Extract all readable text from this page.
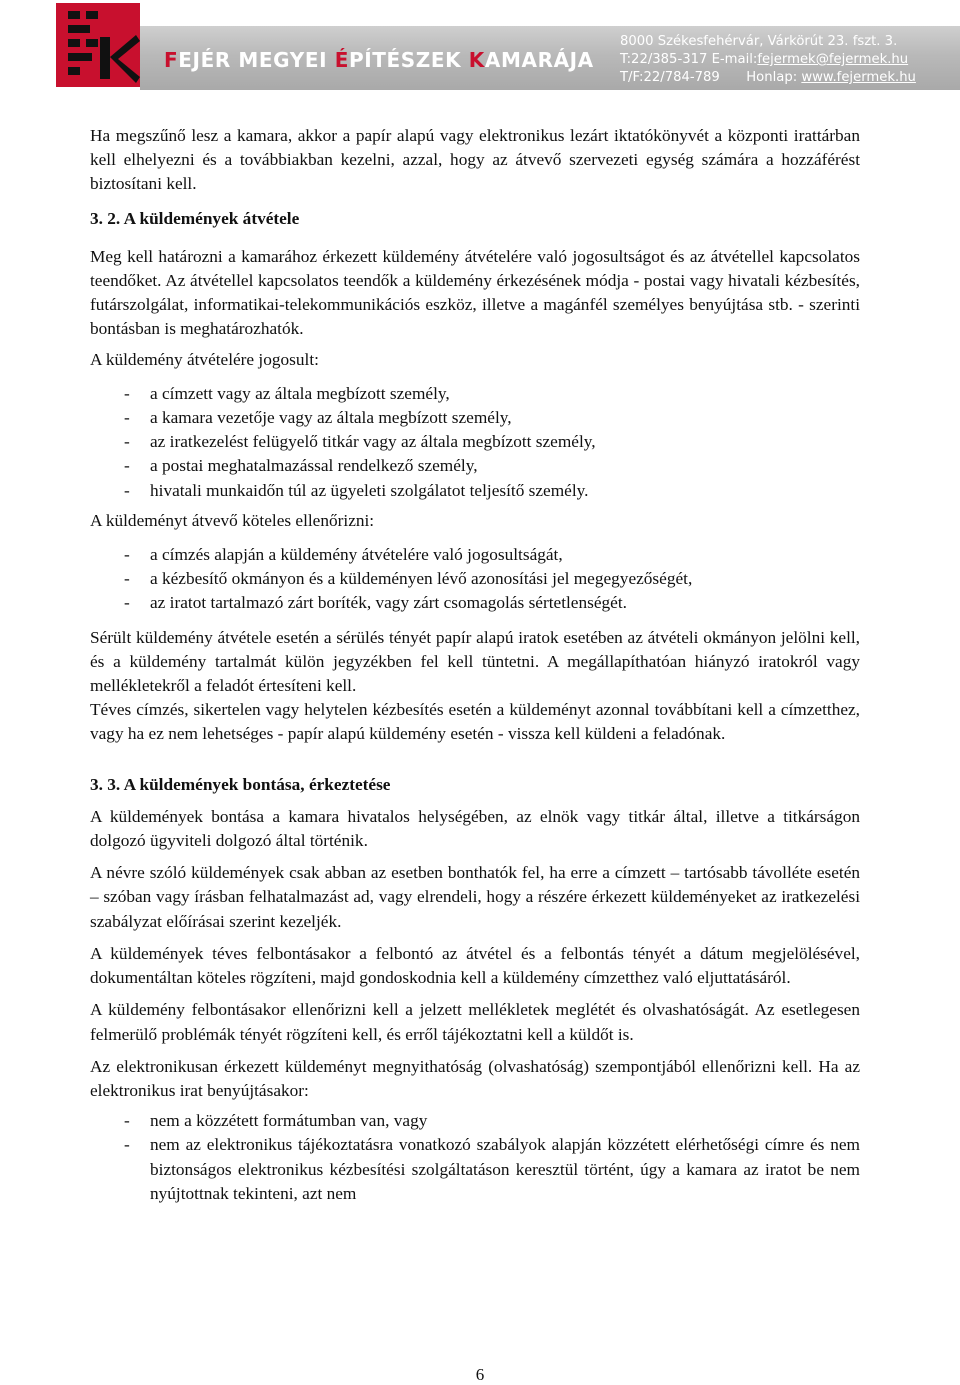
FEJÉR MEGYEI ÉPÍTÉSZEK KAMARÁJA
8000 Székesfehérvár, Várkörút 23. fszt. 3.
T:22/385-317 E-mail:fejermek@fejermek.hu
T/F:22/784-789 Honlap: www.fejermek.hu

Ha megszűnő lesz a kamara, akkor a papír alapú vagy elektronikus lezárt iktatókönyvét a központi irattárban kell elhelyezni és a továbbiakban kezelni, azzal, hogy az átvevő szervezeti egység számára a hozzáférést biztosítani kell.

3. 2. A küldemények átvétele

Meg kell határozni a kamarához érkezett küldemény átvételére való jogosultságot és az átvétellel kapcsolatos teendőket. Az átvétellel kapcsolatos teendők a küldemény érkezésének módja - postai vagy hivatali kézbesítés, futárszolgálat, informatikai-telekommunikációs eszköz, illetve a magánfél személyes benyújtása stb. - szerinti bontásban is meghatározhatók.

A küldemény átvételére jogosult:

- a címzett vagy az általa megbízott személy,
- a kamara vezetője vagy az általa megbízott személy,
- az iratkezelést felügyelő titkár vagy az általa megbízott személy,
- a postai meghatalmazással rendelkező személy,
- hivatali munkaidőn túl az ügyeleti szolgálatot teljesítő személy.

A küldeményt átvevő köteles ellenőrizni:

- a címzés alapján a küldemény átvételére való jogosultságát,
- a kézbesítő okmányon és a küldeményen lévő azonosítási jel megegyezőségét,
- az iratot tartalmazó zárt boríték, vagy zárt csomagolás sértetlenségét.

Sérült küldemény átvétele esetén a sérülés tényét papír alapú iratok esetében az átvételi okmányon jelölni kell, és a küldemény tartalmát külön jegyzékben fel kell tüntetni. A megállapíthatóan hiányzó iratokról vagy mellékletekről a feladót értesíteni kell.

Téves címzés, sikertelen vagy helytelen kézbesítés esetén a küldeményt azonnal továbbítani kell a címzetthez, vagy ha ez nem lehetséges - papír alapú küldemény esetén - vissza kell küldeni a feladónak.

3. 3. A küldemények bontása, érkeztetése

A küldemények bontása a kamara hivatalos helységében, az elnök vagy titkár által, illetve a titkárságon dolgozó ügyviteli dolgozó által történik.

A névre szóló küldemények csak abban az esetben bonthatók fel, ha erre a címzett – tartósabb távolléte esetén – szóban vagy írásban felhatalmazást ad, vagy elrendeli, hogy a részére érkezett küldeményeket az iratkezelési szabályzat előírásai szerint kezeljék.

A küldemények téves felbontásakor a felbontó az átvétel és a felbontás tényét a dátum megjelölésével, dokumentáltan köteles rögzíteni, majd gondoskodnia kell a küldemény címzetthez való eljuttatásáról.

A küldemény felbontásakor ellenőrizni kell a jelzett mellékletek meglétét és olvashatóságát. Az esetlegesen felmerülő problémák tényét rögzíteni kell, és erről tájékoztatni kell a küldőt is.

Az elektronikusan érkezett küldeményt megnyithatóság (olvashatóság) szempontjából ellenőrizni kell. Ha az elektronikus irat benyújtásakor:

- nem a közzétett formátumban van, vagy
- nem az elektronikus tájékoztatásra vonatkozó szabályok alapján közzétett elérhetőségi címre és nem biztonságos elektronikus kézbesítési szolgáltatáson keresztül történt, úgy a kamara az iratot be nem nyújtottnak tekinteni, azt nem
6
